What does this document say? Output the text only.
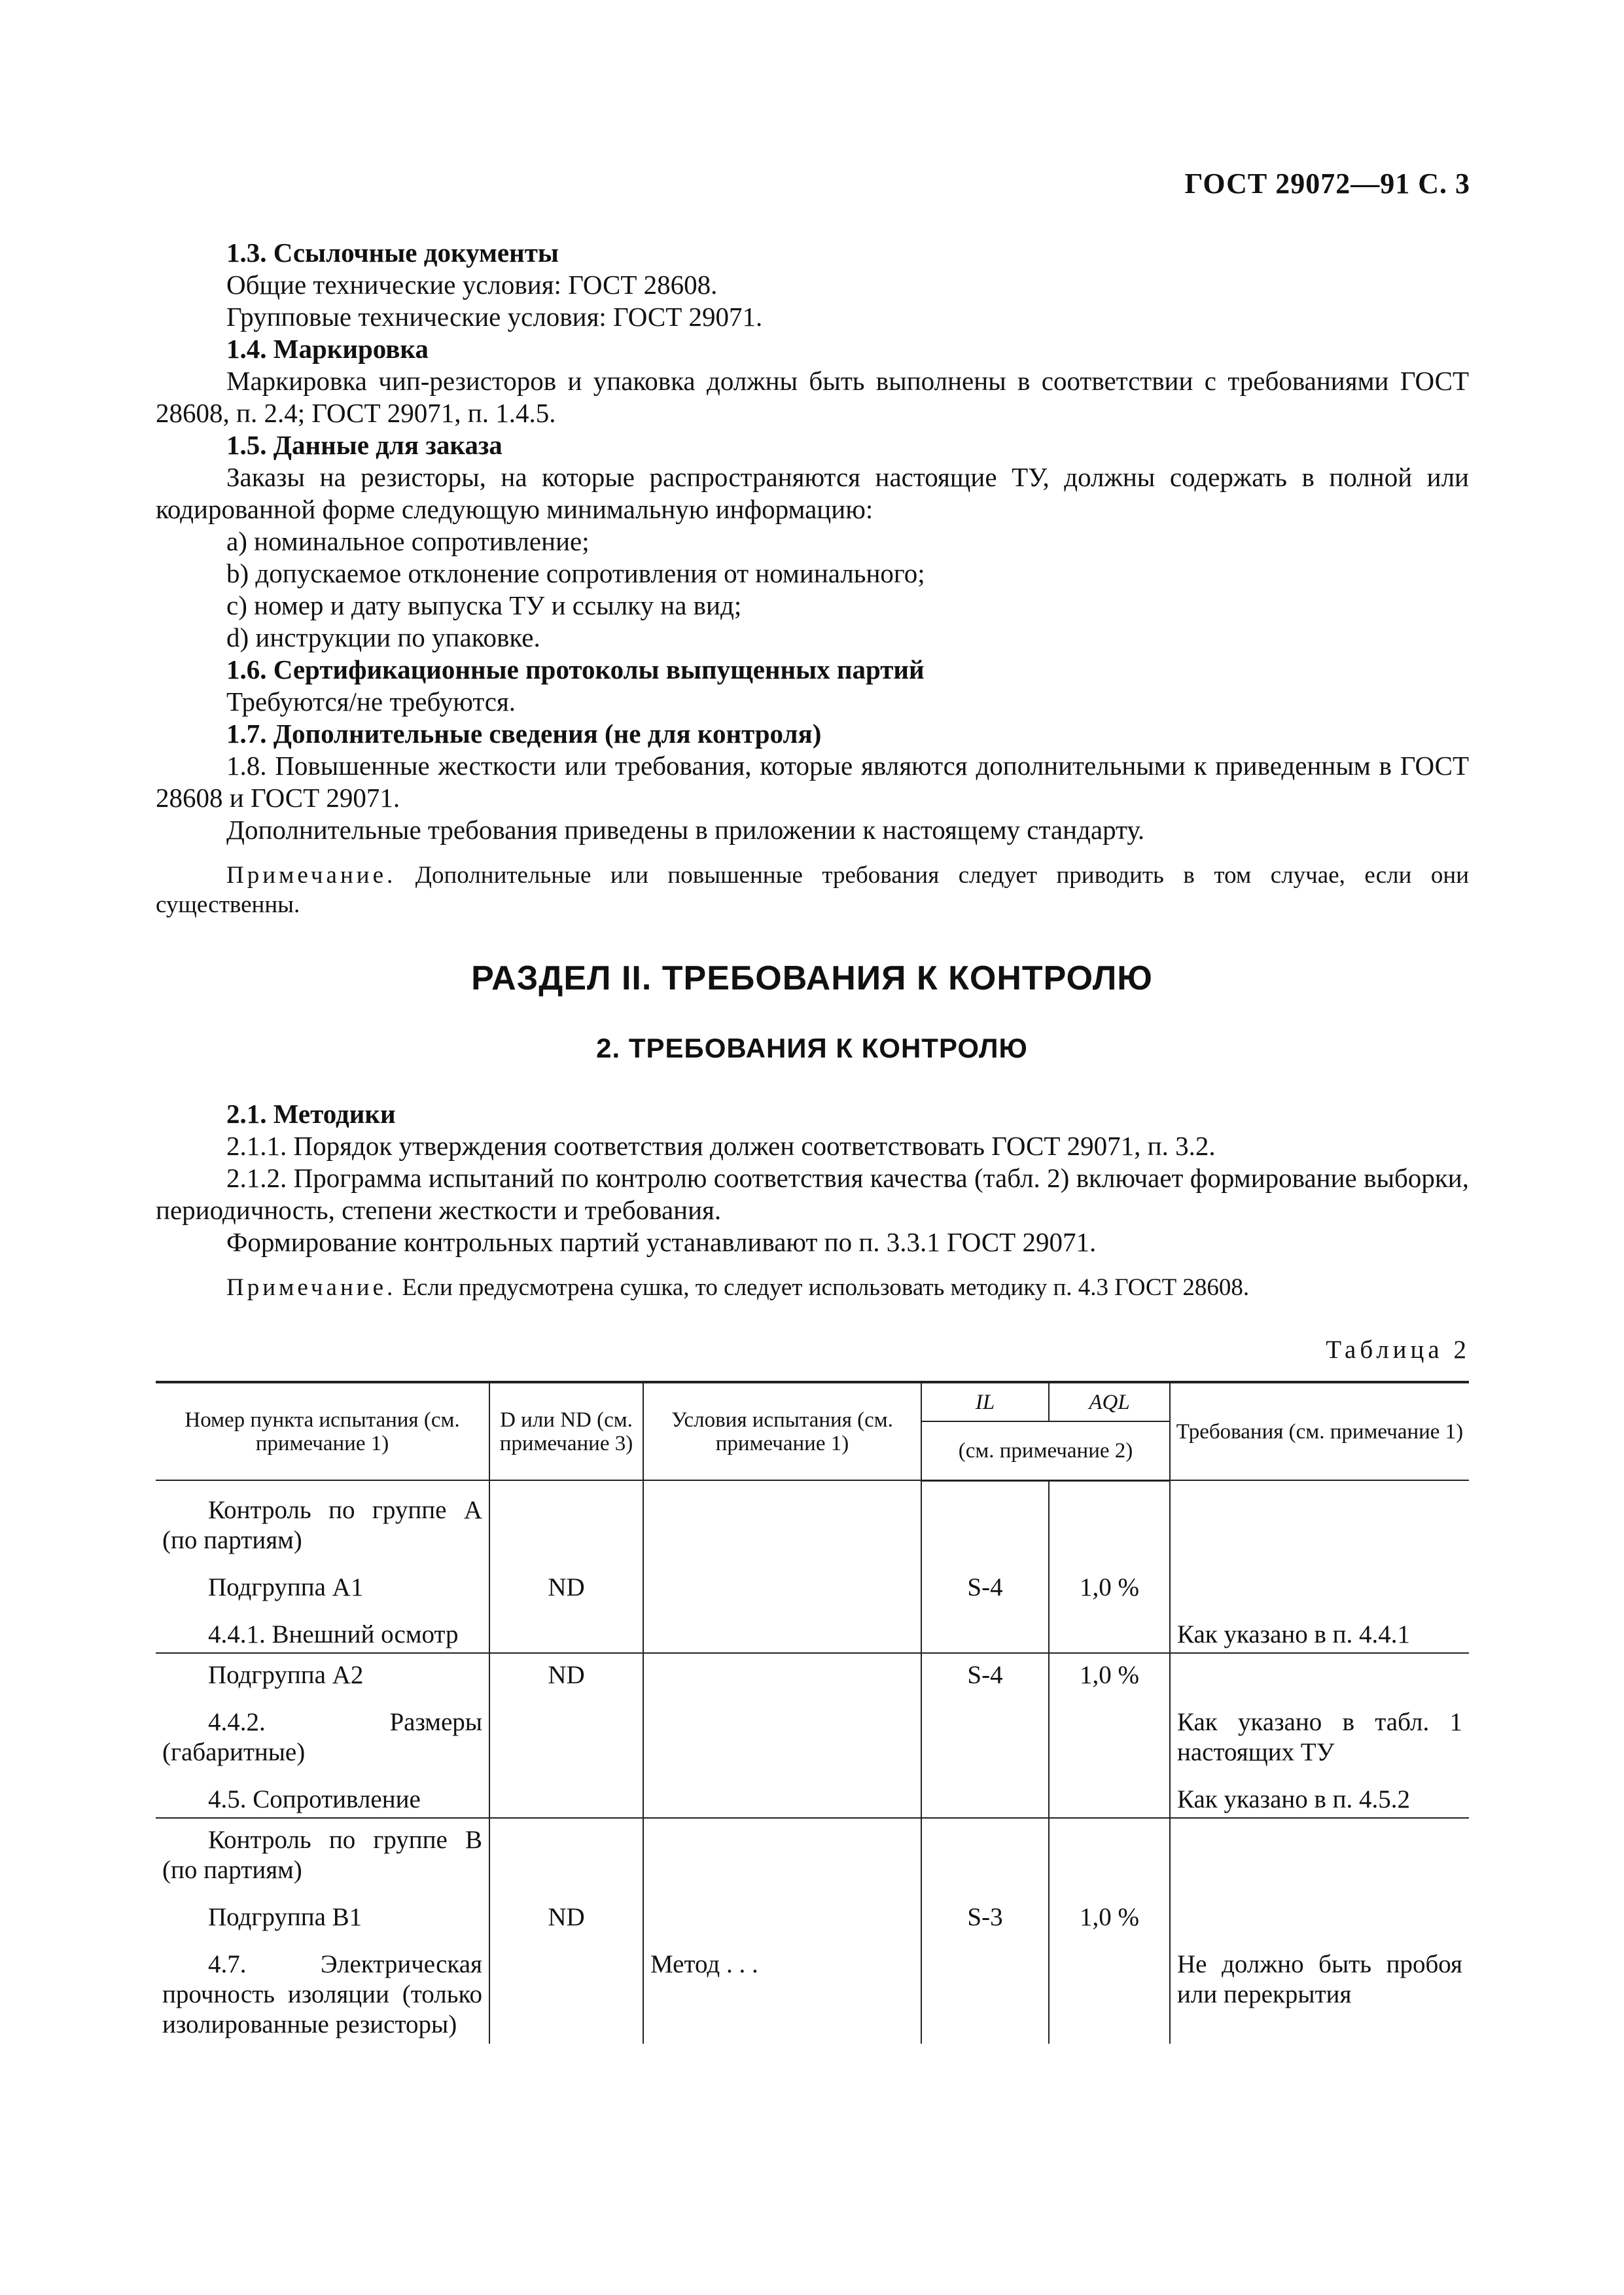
ГОСТ 29072—91 С. 3

1.3. Ссылочные документы

Общие технические условия: ГОСТ 28608.

Групповые технические условия: ГОСТ 29071.

1.4. Маркировка

Маркировка чип-резисторов и упаковка должны быть выполнены в соответствии с требованиями ГОСТ 28608, п. 2.4; ГОСТ 29071, п. 1.4.5.

1.5. Данные для заказа

Заказы на резисторы, на которые распространяются настоящие ТУ, должны содержать в полной или кодированной форме следующую минимальную информацию:

a) номинальное сопротивление;

b) допускаемое отклонение сопротивления от номинального;

c) номер и дату выпуска ТУ и ссылку на вид;

d) инструкции по упаковке.

1.6. Сертификационные протоколы выпущенных партий

Требуются/не требуются.

1.7. Дополнительные сведения (не для контроля)

1.8. Повышенные жесткости или требования, которые являются дополнительными к приведенным в ГОСТ 28608 и ГОСТ 29071.

Дополнительные требования приведены в приложении к настоящему стандарту.

Примечание. Дополнительные или повышенные требования следует приводить в том случае, если они существенны.

РАЗДЕЛ II. ТРЕБОВАНИЯ К КОНТРОЛЮ
2. ТРЕБОВАНИЯ К КОНТРОЛЮ

2.1. Методики

2.1.1. Порядок утверждения соответствия должен соответствовать ГОСТ 29071, п. 3.2.

2.1.2. Программа испытаний по контролю соответствия качества (табл. 2) включает формирование выборки, периодичность, степени жесткости и требования.

Формирование контрольных партий устанавливают по п. 3.3.1 ГОСТ 29071.

Примечание. Если предусмотрена сушка, то следует использовать методику п. 4.3 ГОСТ 28608.

Таблица 2
Номер пункта испытания (см. примечание 1)	D или ND (см. примечание 3)	Условия испытания (см. примечание 1)	IL	AQL	Требования (см. примечание 1)
			(см. примечание 2)		
Контроль по группе А (по партиям)					
Подгруппа А1	ND		S-4	1,0 %	
4.4.1. Внешний осмотр					Как указано в п. 4.4.1
Подгруппа А2	ND		S-4	1,0 %	
4.4.2. Размеры (габаритные)					Как указано в табл. 1 настоящих ТУ
4.5. Сопротивление					Как указано в п. 4.5.2
Контроль по группе В (по партиям)					
Подгруппа В1	ND		S-3	1,0 %	
4.7. Электрическая прочность изоляции (только изолированные резисторы)		Метод . . .			Не должно быть пробоя или перекрытия
